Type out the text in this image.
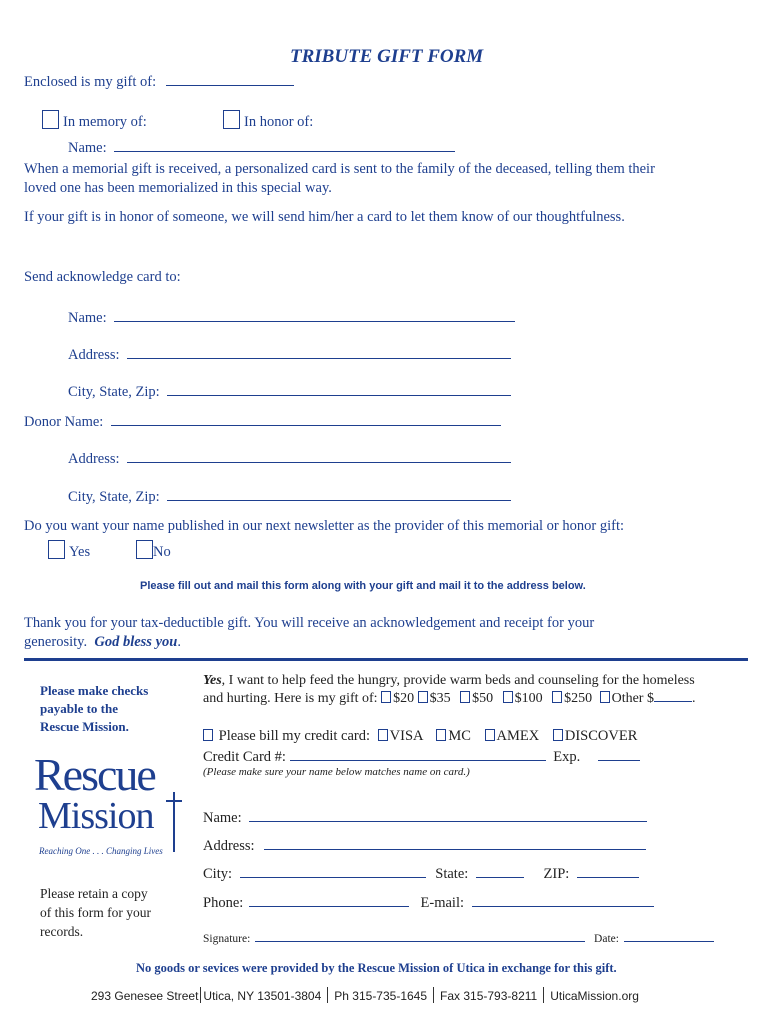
TRIBUTE GIFT FORM
Enclosed is my gift of:
In memory of:	In honor of:
Name:
When a memorial gift is received, a personalized card is sent to the family of the deceased, telling them their
loved one has been memorialized in this special way.
If your gift is in honor of someone, we will send him/her a card to let them know of our thoughtfulness.
Send acknowledge card to:
Name:
Address:
City, State, Zip:
Donor Name:
Address:
City, State, Zip:
Do you want your name published in our next newsletter as the provider of this memorial or honor gift:
Yes	No
Please fill out and mail this form along with your gift and mail it to the address below.
Thank you for your tax-deductible gift. You will receive an acknowledgement and receipt for your
generosity. God bless you.
Please make checks
payable to the
Rescue Mission.
Rescue
Mission
Reaching One . . . Changing Lives
Please retain a copy
of this form for your
records.
Yes, I want to help feed the hungry, provide warm beds and counseling for the homeless
and hurting. Here is my gift of: $20 $35 $50 $100 $250 Other $	.
Please bill my credit card: VISA MC AMEX DISCOVER
Credit Card #:	Exp.
(Please make sure your name below matches name on card.)
Name:
Address:
City:	State:	ZIP:
Phone:	E-mail:
Signature:	Date:
No goods or sevices were provided by the Rescue Mission of Utica in exchange for this gift.
293 Genesee Street Utica, NY 13501-3804 Ph 315-735-1645 Fax 315-793-8211 UticaMission.org
